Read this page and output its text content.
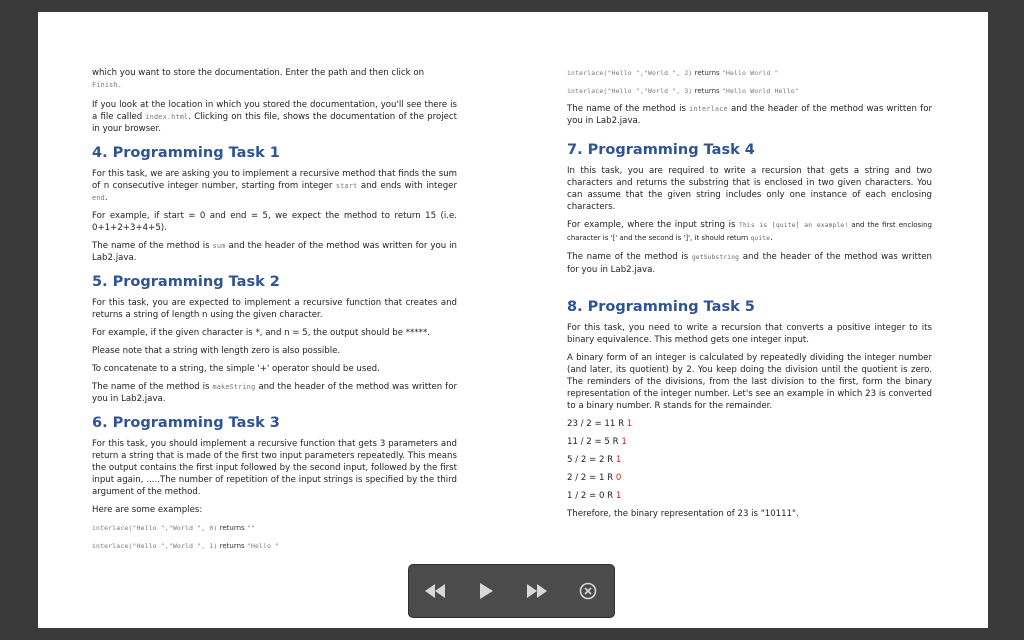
which you want to store the documentation. Enter the path and then click on
Finish.

If you look at the location in which you stored the documentation, you'll see there is a file called index.html. Clicking on this file, shows the documentation of the project in your browser.

4. Programming Task 1

For this task, we are asking you to implement a recursive method that finds the sum of n consecutive integer number, starting from integer start and ends with integer end.

For example, if start = 0 and end = 5, we expect the method to return 15 (i.e. 0+1+2+3+4+5).

The name of the method is sum and the header of the method was written for you in Lab2.java.

5. Programming Task 2

For this task, you are expected to implement a recursive function that creates and returns a string of length n using the given character.

For example, if the given character is *, and n = 5, the output should be *****.

Please note that a string with length zero is also possible.

To concatenate to a string, the simple '+' operator should be used.

The name of the method is makeString and the header of the method was written for you in Lab2.java.

6. Programming Task 3

For this task, you should implement a recursive function that gets 3 parameters and return a string that is made of the first two input parameters repeatedly. This means the output contains the first input followed by the second input, followed by the first input again, .....The number of repetition of the input strings is specified by the third argument of the method.

Here are some examples:

interlace("Hello ","World ", 0) returns ""
interlace("Hello ","World ", 1) returns "Hello "
interlace("Hello ","World ", 2) returns "Hello World "
interlace("Hello ","World ", 3) returns "Hello World Hello"

The name of the method is interlace and the header of the method was written for you in Lab2.java.

7. Programming Task 4

In this task, you are required to write a recursion that gets a string and two characters and returns the substring that is enclosed in two given characters. You can assume that the given string includes only one instance of each enclosing characters.

For example, where the input string is This is [quite] an example! and the first enclosing character is '[' and the second is ']', it should return quite.

The name of the method is getSubstring and the header of the method was written for you in Lab2.java.

8. Programming Task 5

For this task, you need to write a recursion that converts a positive integer to its binary equivalence. This method gets one integer input.

A binary form of an integer is calculated by repeatedly dividing the integer number (and later, its quotient) by 2. You keep doing the division until the quotient is zero. The reminders of the divisions, from the last division to the first, form the binary representation of the integer number. Let's see an example in which 23 is converted to a binary number. R stands for the remainder.

23 / 2 = 11 R 1
11 / 2 = 5 R 1
5 / 2 = 2 R 1
2 / 2 = 1 R 0
1 / 2 = 0 R 1

Therefore, the binary representation of 23 is "10111".
